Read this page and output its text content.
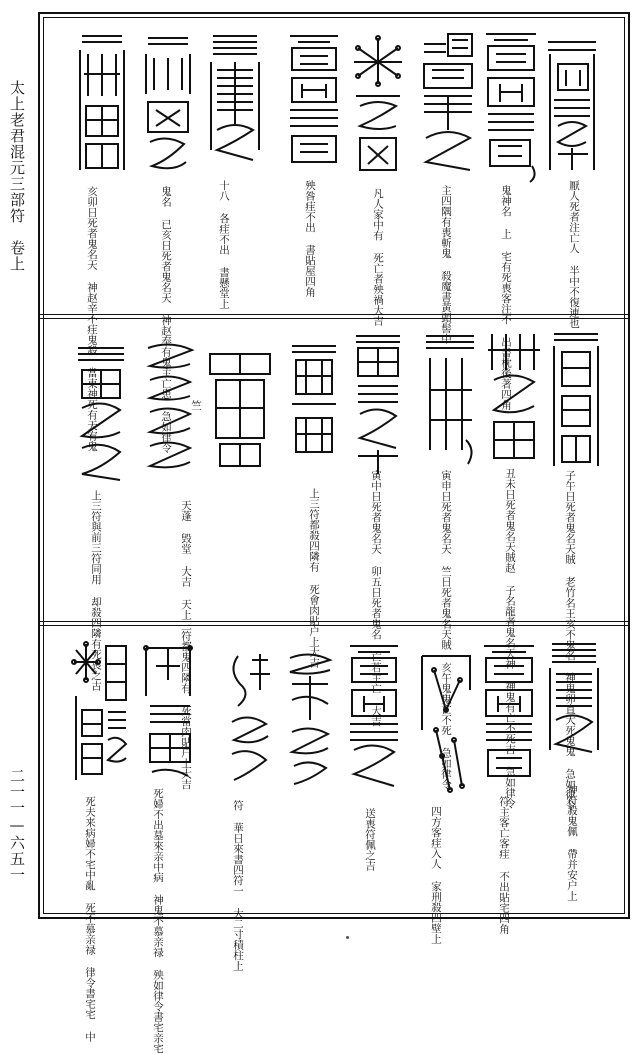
太上老君混元三部符　卷上
二一一—六五一
厭人死者注亡人 半中不復連也
鬼神名 上 宅有死喪客注不 出書枕後著四角
主四隅有喪斬鬼 殺魔書黃頭髻中
凡人家中有 死亡者殃禍大吉
殃咎疰不出 書貼屋四角
十八 各疰不出 書懸堂上
鬼名 已亥日死者鬼名天 神赵奉有鬼主亡患 急如律令
亥卯日死者鬼名天 神赵辛不疰鬼殺 當東神死有天宥鬼
子午日死者鬼名天賊 老竹名王亥不鬼名 神鬼卯直大死鬼鬼 急如律令
丑未日死者鬼名天賊赵 子名龍者鬼名天神 神鬼有亡不死吉 急如律令
寅申日死者鬼名天 竺日死者鬼名天賊 亥午鬼鬼亡不死 急如律令
寅中日死者鬼名天 卯五日死者鬼名 亡若主亡 大吉
上三符都殺四隣有 死會肉貼户上大吉
竺
天蓬 毁堂 大吉 天上三符都鬼四隣有 死當肉貼户上大吉
上三符與前三符同用 却殺四隣有死喪之古
神符殺鬼佩 帶并安户上
符主客亡客疰 不出貼宅四角
四方客疰入人 家刑殺四壁上
送喪符佩之吉
符 華日來書四符一 大二寸積柱上
死婦不出墓來亲中病 神鬼不慕亲禄 殃如律令書宅亲宅
死夫来病婦不宅中亂 死不慕亲禄 律令書宅宅 中
